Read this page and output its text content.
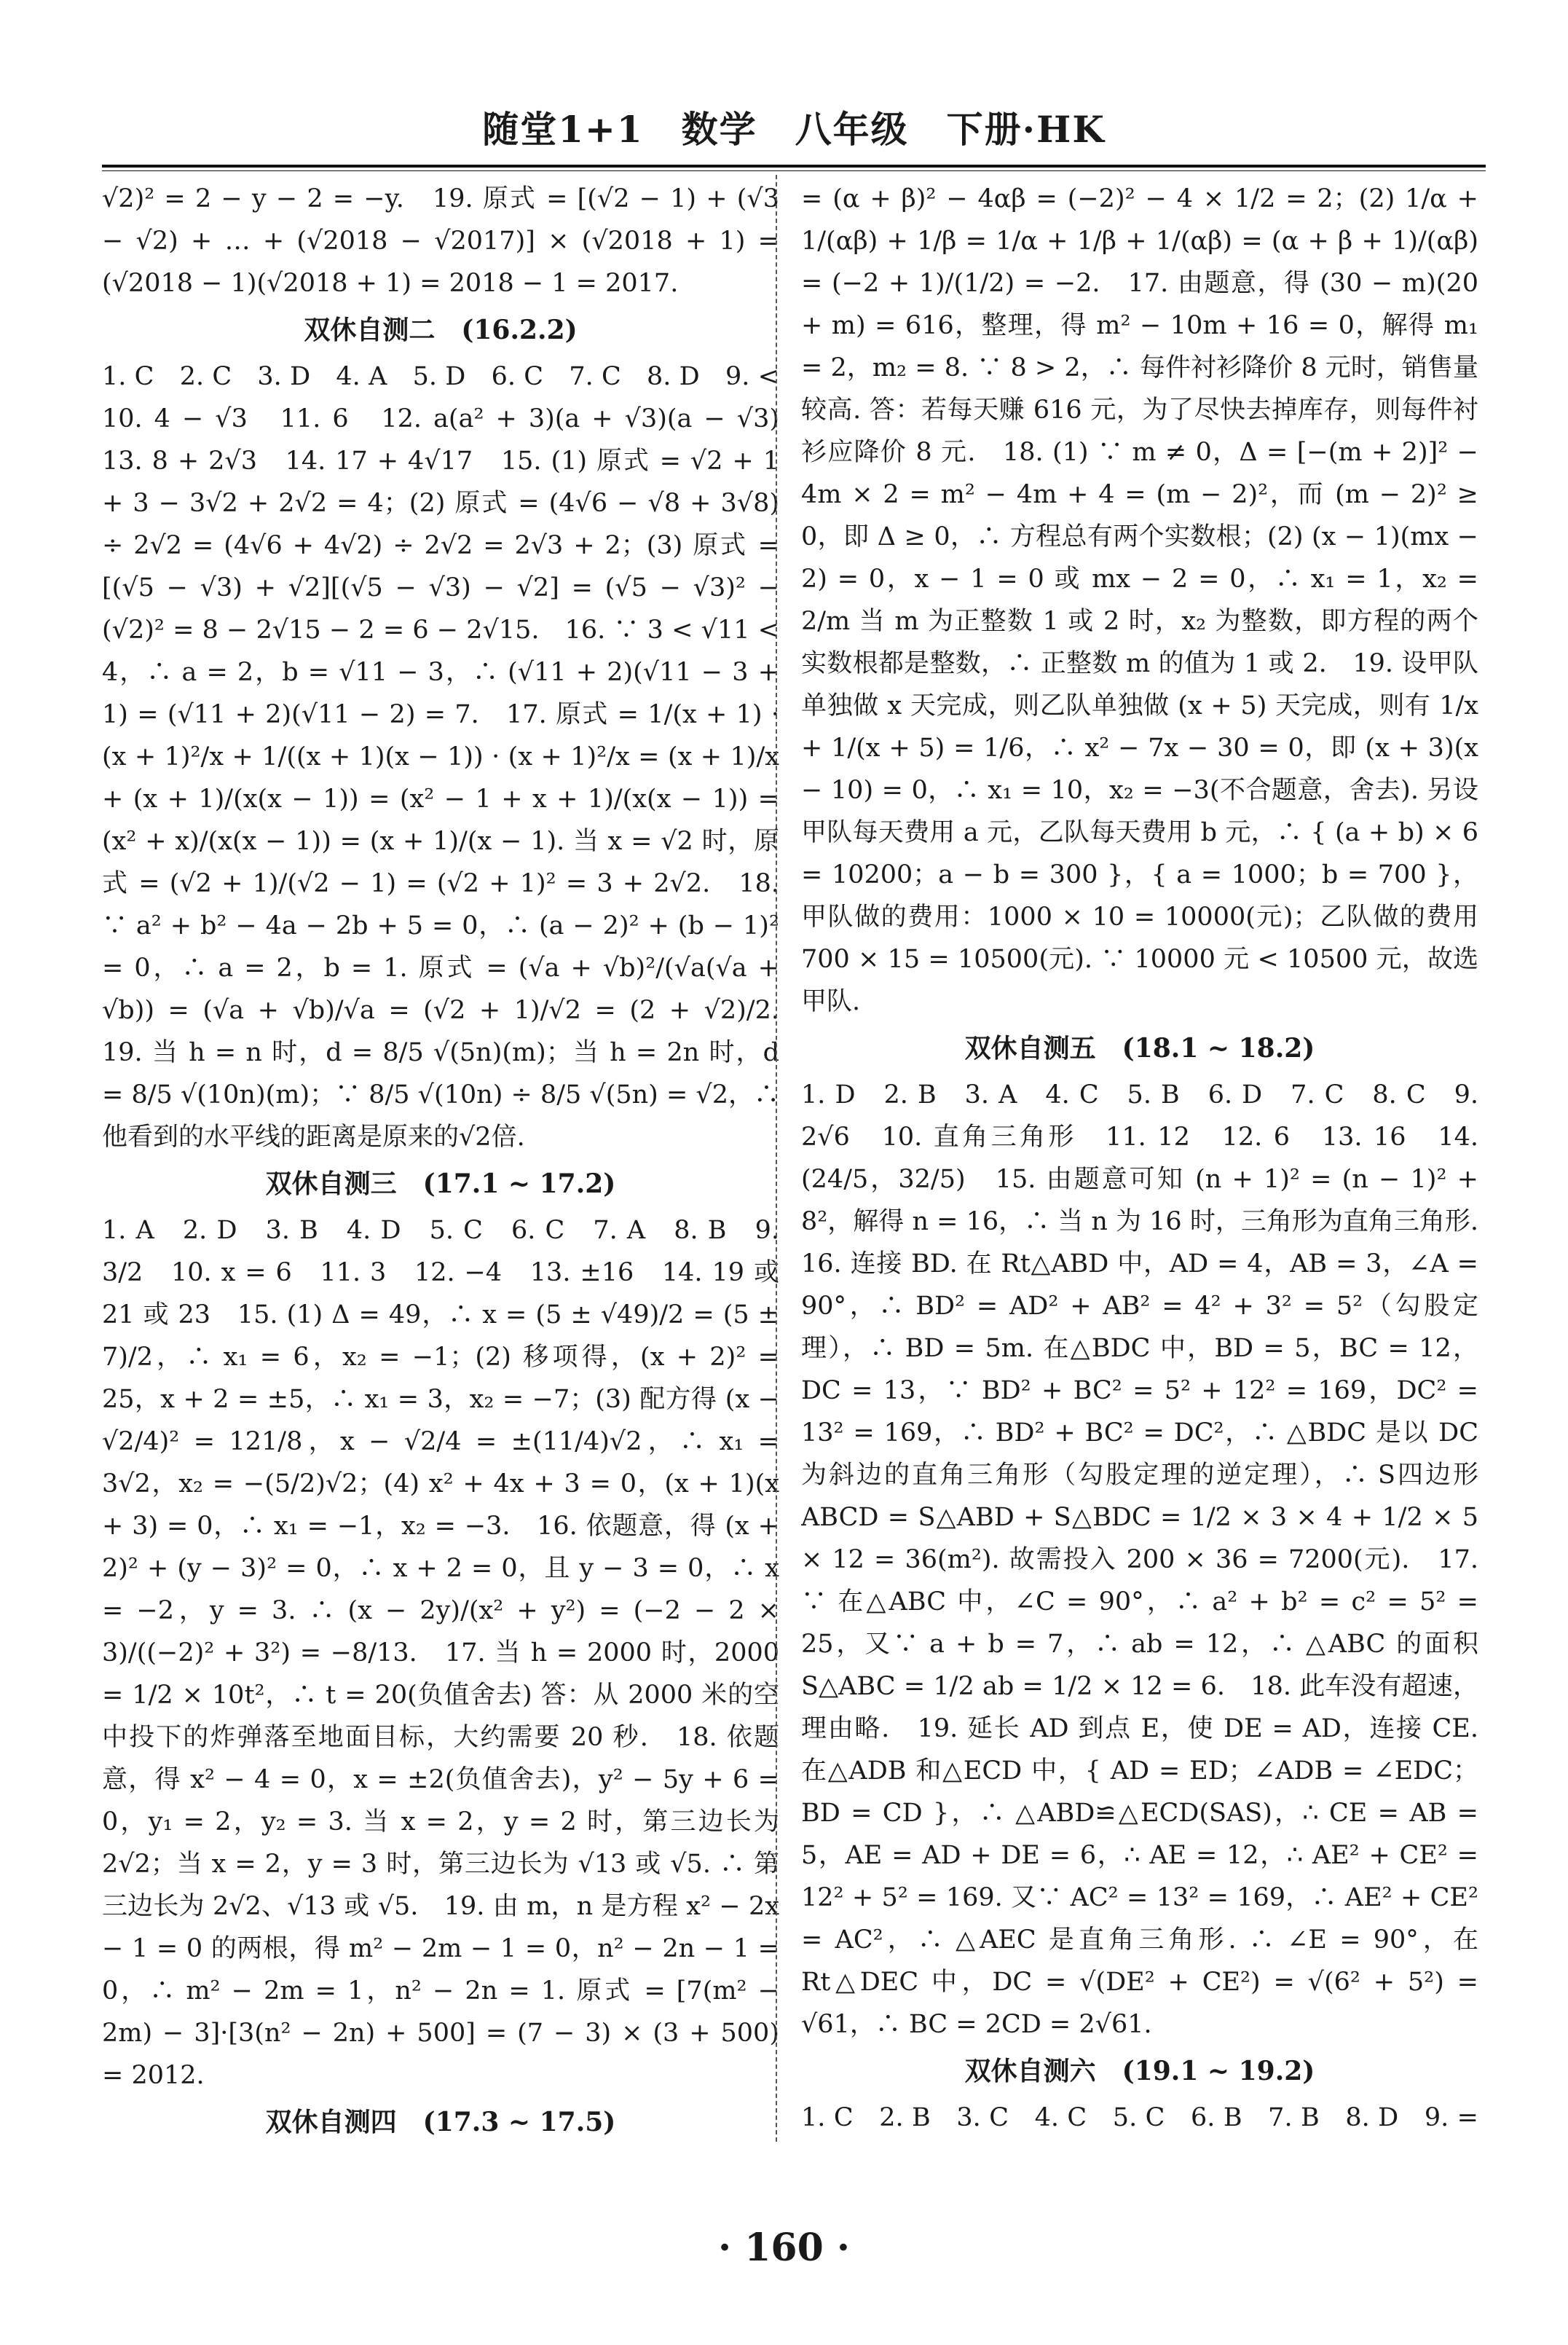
随堂1+1　数学　八年级　下册·HK

√2)² = 2 − y − 2 = −y.　19. 原式 = [(√2 − 1) + (√3 − √2) + … + (√2018 − √2017)] × (√2018 + 1) = (√2018 − 1)(√2018 + 1) = 2018 − 1 = 2017.

双休自测二　(16.2.2)

1. C　2. C　3. D　4. A　5. D　6. C　7. C　8. D　9. <　10. 4 − √3　11. 6　12. a(a² + 3)(a + √3)(a − √3)　13. 8 + 2√3　14. 17 + 4√17　15. (1) 原式 = √2 + 1 + 3 − 3√2 + 2√2 = 4；(2) 原式 = (4√6 − √8 + 3√8) ÷ 2√2 = (4√6 + 4√2) ÷ 2√2 = 2√3 + 2；(3) 原式 = [(√5 − √3) + √2][(√5 − √3) − √2] = (√5 − √3)² − (√2)² = 8 − 2√15 − 2 = 6 − 2√15.　16. ∵ 3 < √11 < 4，∴ a = 2，b = √11 − 3，∴ (√11 + 2)(√11 − 3 + 1) = (√11 + 2)(√11 − 2) = 7.　17. 原式 = 1/(x + 1) · (x + 1)²/x + 1/((x + 1)(x − 1)) · (x + 1)²/x = (x + 1)/x + (x + 1)/(x(x − 1)) = (x² − 1 + x + 1)/(x(x − 1)) = (x² + x)/(x(x − 1)) = (x + 1)/(x − 1). 当 x = √2 时，原式 = (√2 + 1)/(√2 − 1) = (√2 + 1)² = 3 + 2√2.　18. ∵ a² + b² − 4a − 2b + 5 = 0，∴ (a − 2)² + (b − 1)² = 0，∴ a = 2，b = 1. 原式 = (√a + √b)²/(√a(√a + √b)) = (√a + √b)/√a = (√2 + 1)/√2 = (2 + √2)/2.　19. 当 h = n 时，d = 8/5 √(5n)(m)；当 h = 2n 时，d = 8/5 √(10n)(m)；∵ 8/5 √(10n) ÷ 8/5 √(5n) = √2，∴ 他看到的水平线的距离是原来的√2倍.

双休自测三　(17.1 ~ 17.2)

1. A　2. D　3. B　4. D　5. C　6. C　7. A　8. B　9. 3/2　10. x = 6　11. 3　12. −4　13. ±16　14. 19 或 21 或 23　15. (1) Δ = 49，∴ x = (5 ± √49)/2 = (5 ± 7)/2，∴ x₁ = 6，x₂ = −1；(2) 移项得，(x + 2)² = 25，x + 2 = ±5，∴ x₁ = 3，x₂ = −7；(3) 配方得 (x − √2/4)² = 121/8，x − √2/4 = ±(11/4)√2，∴ x₁ = 3√2，x₂ = −(5/2)√2；(4) x² + 4x + 3 = 0，(x + 1)(x + 3) = 0，∴ x₁ = −1，x₂ = −3.　16. 依题意，得 (x + 2)² + (y − 3)² = 0，∴ x + 2 = 0，且 y − 3 = 0，∴ x = −2，y = 3. ∴ (x − 2y)/(x² + y²) = (−2 − 2 × 3)/((−2)² + 3²) = −8/13.　17. 当 h = 2000 时，2000 = 1/2 × 10t²，∴ t = 20(负值舍去) 答：从 2000 米的空中投下的炸弹落至地面目标，大约需要 20 秒.　18. 依题意，得 x² − 4 = 0，x = ±2(负值舍去)，y² − 5y + 6 = 0，y₁ = 2，y₂ = 3. 当 x = 2，y = 2 时，第三边长为 2√2；当 x = 2，y = 3 时，第三边长为 √13 或 √5. ∴ 第三边长为 2√2、√13 或 √5.　19. 由 m，n 是方程 x² − 2x − 1 = 0 的两根，得 m² − 2m − 1 = 0，n² − 2n − 1 = 0，∴ m² − 2m = 1，n² − 2n = 1. 原式 = [7(m² − 2m) − 3]·[3(n² − 2n) + 500] = (7 − 3) × (3 + 500) = 2012.

双休自测四　(17.3 ~ 17.5)

= (α + β)² − 4αβ = (−2)² − 4 × 1/2 = 2；(2) 1/α + 1/(αβ) + 1/β = 1/α + 1/β + 1/(αβ) = (α + β + 1)/(αβ) = (−2 + 1)/(1/2) = −2.　17. 由题意，得 (30 − m)(20 + m) = 616，整理，得 m² − 10m + 16 = 0，解得 m₁ = 2，m₂ = 8. ∵ 8 > 2，∴ 每件衬衫降价 8 元时，销售量较高. 答：若每天赚 616 元，为了尽快去掉库存，则每件衬衫应降价 8 元.　18. (1) ∵ m ≠ 0，Δ = [−(m + 2)]² − 4m × 2 = m² − 4m + 4 = (m − 2)²，而 (m − 2)² ≥ 0，即 Δ ≥ 0，∴ 方程总有两个实数根；(2) (x − 1)(mx − 2) = 0，x − 1 = 0 或 mx − 2 = 0，∴ x₁ = 1，x₂ = 2/m 当 m 为正整数 1 或 2 时，x₂ 为整数，即方程的两个实数根都是整数，∴ 正整数 m 的值为 1 或 2.　19. 设甲队单独做 x 天完成，则乙队单独做 (x + 5) 天完成，则有 1/x + 1/(x + 5) = 1/6，∴ x² − 7x − 30 = 0，即 (x + 3)(x − 10) = 0，∴ x₁ = 10，x₂ = −3(不合题意，舍去). 另设甲队每天费用 a 元，乙队每天费用 b 元，∴ { (a + b) × 6 = 10200；a − b = 300 }，{ a = 1000；b = 700 }，甲队做的费用：1000 × 10 = 10000(元)；乙队做的费用 700 × 15 = 10500(元). ∵ 10000 元 < 10500 元，故选甲队.

双休自测五　(18.1 ~ 18.2)

1. D　2. B　3. A　4. C　5. B　6. D　7. C　8. C　9. 2√6　10. 直角三角形　11. 12　12. 6　13. 16　14. (24/5，32/5)　15. 由题意可知 (n + 1)² = (n − 1)² + 8²，解得 n = 16，∴ 当 n 为 16 时，三角形为直角三角形.　16. 连接 BD. 在 Rt△ABD 中，AD = 4，AB = 3，∠A = 90°，∴ BD² = AD² + AB² = 4² + 3² = 5²（勾股定理），∴ BD = 5m. 在△BDC 中，BD = 5，BC = 12，DC = 13，∵ BD² + BC² = 5² + 12² = 169，DC² = 13² = 169，∴ BD² + BC² = DC²，∴ △BDC 是以 DC 为斜边的直角三角形（勾股定理的逆定理），∴ S四边形ABCD = S△ABD + S△BDC = 1/2 × 3 × 4 + 1/2 × 5 × 12 = 36(m²). 故需投入 200 × 36 = 7200(元).　17. ∵ 在△ABC 中，∠C = 90°，∴ a² + b² = c² = 5² = 25，又∵ a + b = 7，∴ ab = 12，∴ △ABC 的面积 S△ABC = 1/2 ab = 1/2 × 12 = 6.　18. 此车没有超速，理由略.　19. 延长 AD 到点 E，使 DE = AD，连接 CE. 在△ADB 和△ECD 中，{ AD = ED；∠ADB = ∠EDC；BD = CD }，∴ △ABD≌△ECD(SAS)，∴ CE = AB = 5，AE = AD + DE = 6，∴ AE = 12，∴ AE² + CE² = 12² + 5² = 169. 又∵ AC² = 13² = 169，∴ AE² + CE² = AC²，∴ △AEC 是直角三角形. ∴ ∠E = 90°，在 Rt△DEC 中，DC = √(DE² + CE²) = √(6² + 5²) = √61，∴ BC = 2CD = 2√61.

双休自测六　(19.1 ~ 19.2)

1. C　2. B　3. C　4. C　5. C　6. B　7. B　8. D　9. =　 　 　 　 　 　 　 　

· 160 ·
